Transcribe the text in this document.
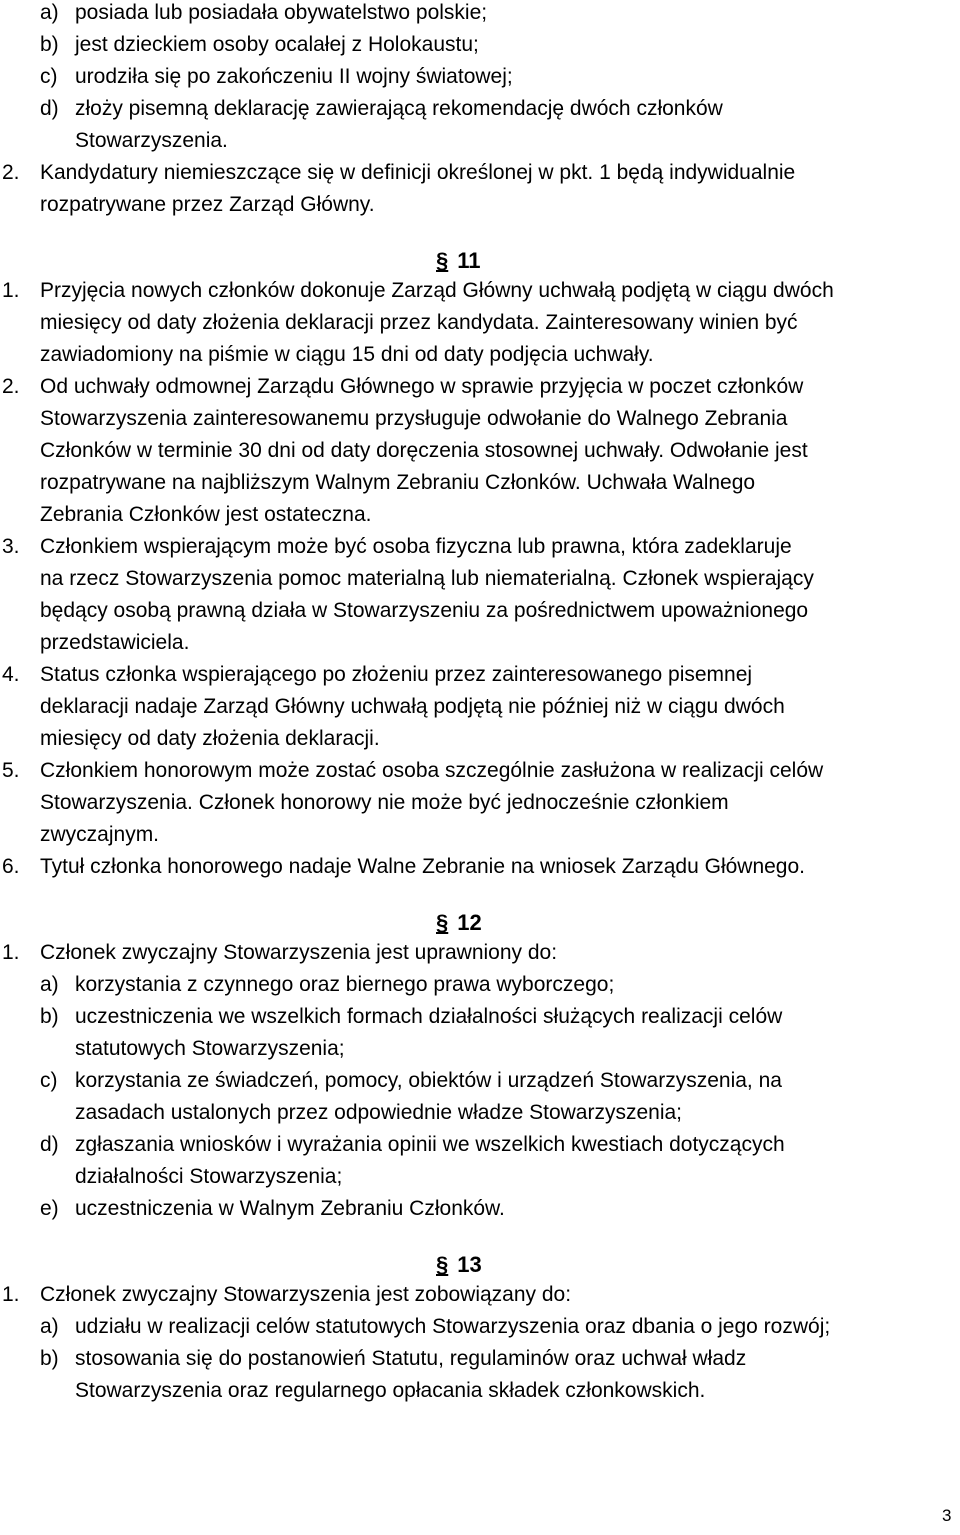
a) posiada lub posiadała obywatelstwo polskie;
b) jest dzieckiem osoby ocalałej z Holokaustu;
c) urodziła się po zakończeniu II wojny światowej;
d) złoży pisemną deklarację zawierającą rekomendację dwóch członków
Stowarzyszenia.
2. Kandydatury niemieszczące się w definicji określonej w pkt. 1 będą indywidualnie
rozpatrywane przez Zarząd Główny.
§ 11
1. Przyjęcia nowych członków dokonuje Zarząd Główny uchwałą podjętą w ciągu dwóch
miesięcy od daty złożenia deklaracji przez kandydata. Zainteresowany winien być
zawiadomiony na piśmie w ciągu 15 dni od daty podjęcia uchwały.
2. Od uchwały odmownej Zarządu Głównego w sprawie przyjęcia w poczet członków
Stowarzyszenia zainteresowanemu przysługuje odwołanie do Walnego Zebrania
Członków w terminie 30 dni od daty doręczenia stosownej uchwały. Odwołanie jest
rozpatrywane na najbliższym Walnym Zebraniu Członków. Uchwała Walnego
Zebrania Członków jest ostateczna.
3. Członkiem wspierającym może być osoba fizyczna lub prawna, która zadeklaruje
na rzecz Stowarzyszenia pomoc materialną lub niematerialną. Członek wspierający
będący osobą prawną działa w Stowarzyszeniu za pośrednictwem upoważnionego
przedstawiciela.
4. Status członka wspierającego po złożeniu przez zainteresowanego pisemnej
deklaracji nadaje Zarząd Główny uchwałą podjętą nie później niż w ciągu dwóch
miesięcy od daty złożenia deklaracji.
5. Członkiem honorowym może zostać osoba szczególnie zasłużona w realizacji celów
Stowarzyszenia. Członek honorowy nie może być jednocześnie członkiem
zwyczajnym.
6. Tytuł członka honorowego nadaje Walne Zebranie na wniosek Zarządu Głównego.
§ 12
1. Członek zwyczajny Stowarzyszenia jest uprawniony do:
a) korzystania z czynnego oraz biernego prawa wyborczego;
b) uczestniczenia we wszelkich formach działalności służących realizacji celów
statutowych Stowarzyszenia;
c) korzystania ze świadczeń, pomocy, obiektów i urządzeń Stowarzyszenia, na
zasadach ustalonych przez odpowiednie władze Stowarzyszenia;
d) zgłaszania wniosków i wyrażania opinii we wszelkich kwestiach dotyczących
działalności Stowarzyszenia;
e) uczestniczenia w Walnym Zebraniu Członków.
§ 13
1. Członek zwyczajny Stowarzyszenia jest zobowiązany do:
a) udziału w realizacji celów statutowych Stowarzyszenia oraz dbania o jego rozwój;
b) stosowania się do postanowień Statutu, regulaminów oraz uchwał władz
Stowarzyszenia oraz regularnego opłacania składek członkowskich.
3
